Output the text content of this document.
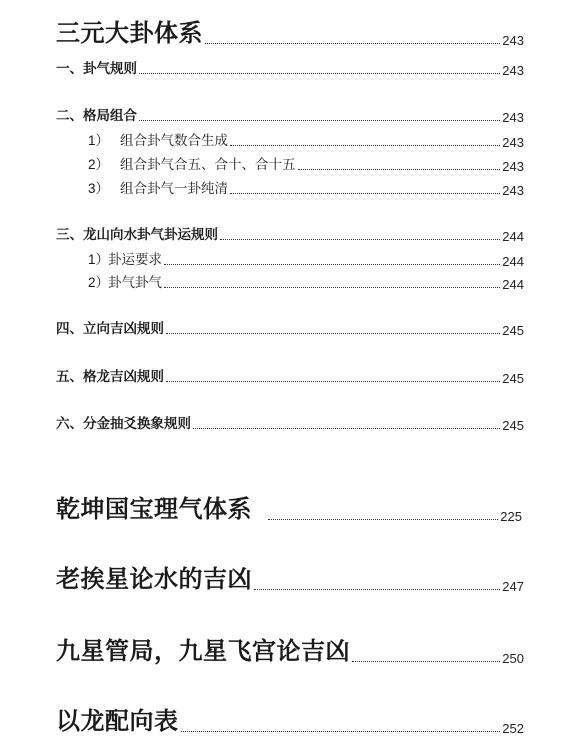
三元大卦体系	243
一、卦气规则	243
二、格局组合	243
1） 组合卦气数合生成	243
2） 组合卦气合五、合十、合十五	243
3） 组合卦气一卦纯清	243
三、龙山向水卦气卦运规则	244
1）卦运要求	244
2）卦气卦气	244
四、立向吉凶规则	245
五、格龙吉凶规则	245
六、分金抽爻换象规则	245
乾坤国宝理气体系	225
老挨星论水的吉凶	247
九星管局，九星飞宫论吉凶	250
以龙配向表	252
